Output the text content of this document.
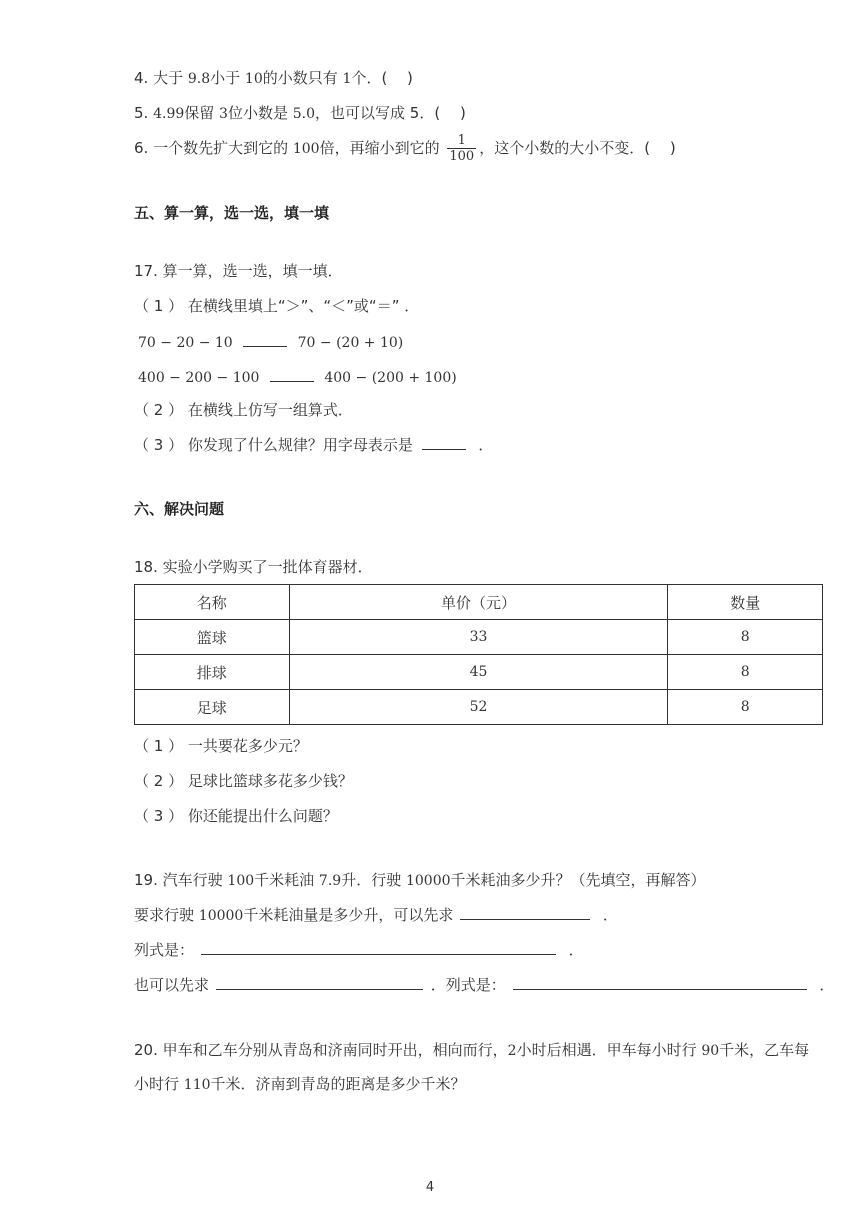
4. 大于 9.8小于 10的小数只有 1个．(　 )
5. 4.99保留 3位小数是 5.0，也可以写成 5．(　 )
6. 一个数先扩大到它的 100倍，再缩小到它的 $\frac{1}{100}$ ，这个小数的大小不变．(　 )
五、算一算，选一选，填一填
17. 算一算，选一选，填一填．
（ 1 ） 在横线里填上“＞”、“＜”或“＝” ．
70 − 20 − 10	70 − (20 + 10)
400 − 200 − 100	400 − (200 + 100)
（ 2 ） 在横线上仿写一组算式．
（ 3 ） 你发现了什么规律？用字母表示是	．
六、解决问题
18. 实验小学购买了一批体育器材．
名称	单价（元）	数量
篮球	33	8
排球	45	8
足球	52	8
（ 1 ） 一共要花多少元？
（ 2 ） 足球比篮球多花多少钱？
（ 3 ） 你还能提出什么问题？
19. 汽车行驶 100千米耗油 7.9升．行驶 10000千米耗油多少升？（先填空，再解答）
要求行驶 10000千米耗油量是多少升，可以先求	．
列式是：	．
也可以先求	．列式是：	．
20. 甲车和乙车分别从青岛和济南同时开出，相向而行，2小时后相遇．甲车每小时行 90千米，乙车每
小时行 110千米．济南到青岛的距离是多少千米？
4
